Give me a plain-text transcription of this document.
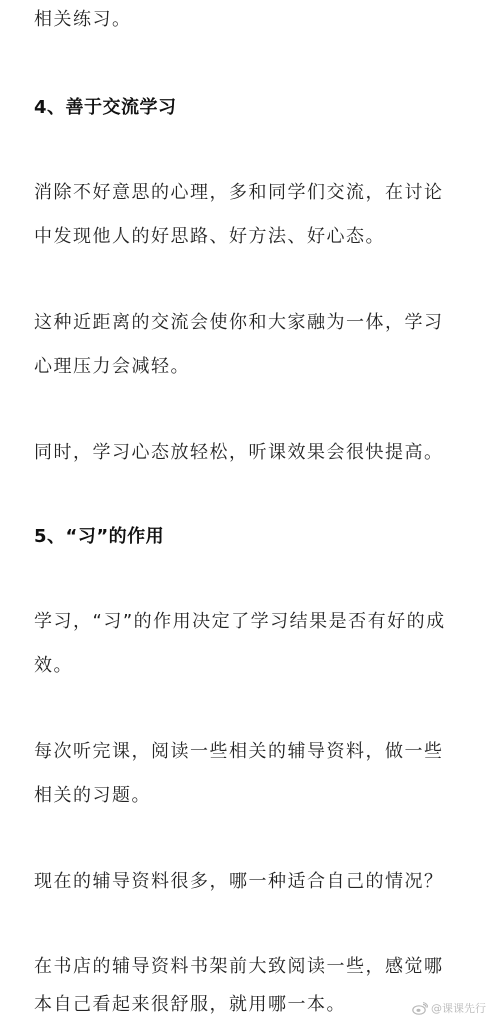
相关练习。
4、善于交流学习
消除不好意思的心理，多和同学们交流，在讨论
中发现他人的好思路、好方法、好心态。
这种近距离的交流会使你和大家融为一体，学习
心理压力会减轻。
同时，学习心态放轻松，听课效果会很快提高。
5、“习”的作用
学习，“习”的作用决定了学习结果是否有好的成
效。
每次听完课，阅读一些相关的辅导资料，做一些
相关的习题。
现在的辅导资料很多，哪一种适合自己的情况？
在书店的辅导资料书架前大致阅读一些，感觉哪
本自己看起来很舒服，就用哪一本。	@课课先行
